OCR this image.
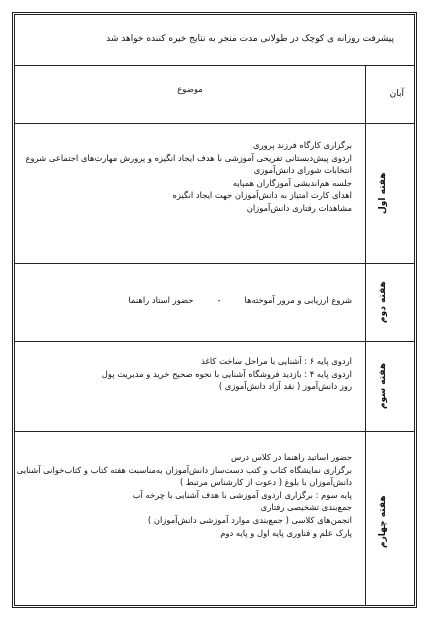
پیشرفت روزانه ی کوچک در طولانی مدت منجر به نتایج خیره کننده خواهد شد
آبان
موضوع
هفته اول
برگزاری کارگاه فرزند پروری
اردوی پیش‌دبستانی تفریحی آموزشی با هدف ایجاد انگیزه و پرورش مهارت‌های اجتماعی شروع
انتخابات شورای دانش‌آموزی
جلسه هم‌اندیشی آموزگاران همپایه
اهدای کارت امتیاز به دانش‌آموزان جهت ایجاد انگیزه
مشاهدات رفتاری دانش‌آموزان
هفته دوم
شروع ارزیابی و مرور آموخته‌ها
-
حضور استاد راهنما
هفته سوم
اردوی پایه ۶ : آشنایی با مراحل ساخت کاغذ
اردوی پایه ۴ : بازدید فروشگاه آشنایی با نحوه صحیح خرید و مدیریت پول
روز دانش‌آموز ( نقد آزاد دانش‌آموزی )
هفته چهارم
حضور اساتید راهنما در کلاس درس
برگزاری نمایشگاه کتاب و کتب دست‌ساز دانش‌آموزان به‌مناسبت هفته کتاب و کتاب‌خوانی آشنایی
دانش‌آموزان با بلوغ ( دعوت از کارشناس مرتبط )
پایه سوم : برگزاری اردوی آموزشی با هدف آشنایی با چرخه آب
جمع‌بندی تشخیصی رفتاری
انجمن‌های کلاسی ( جمع‌بندی موارد آموزشی دانش‌آموزان )
پارک علم و فناوری پایه اول و پایه دوم
